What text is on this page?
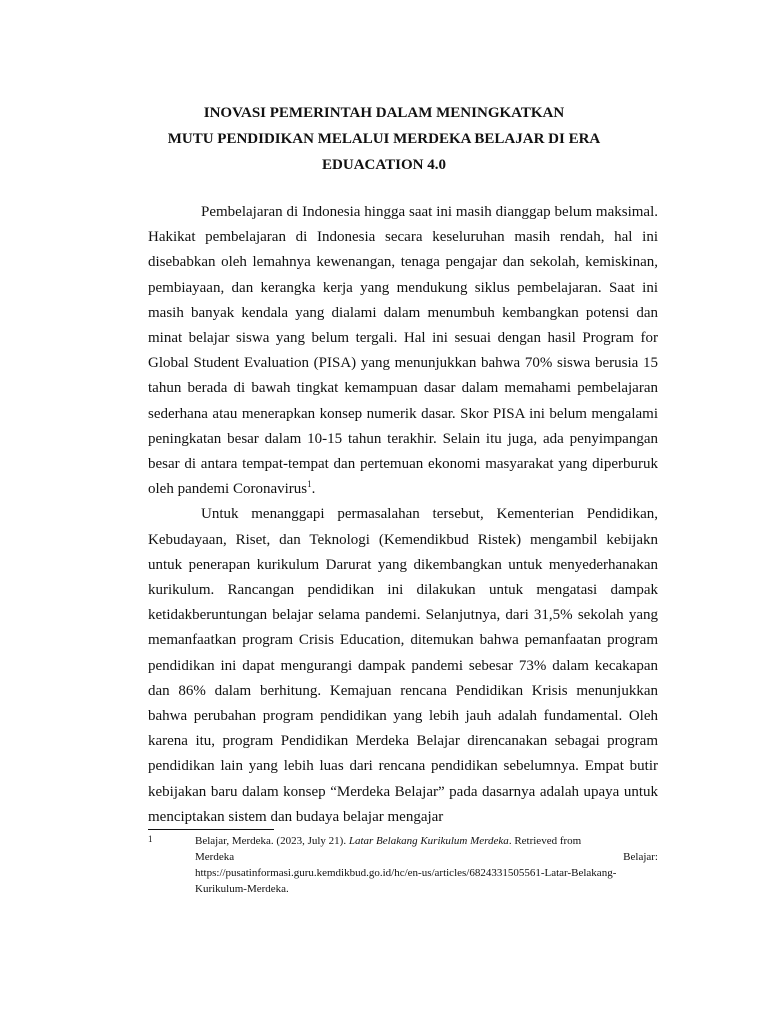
INOVASI PEMERINTAH DALAM MENINGKATKAN
MUTU PENDIDIKAN MELALUI MERDEKA BELAJAR DI ERA
EDUACATION 4.0

Pembelajaran di Indonesia hingga saat ini masih dianggap belum maksimal. Hakikat pembelajaran di Indonesia secara keseluruhan masih rendah, hal ini disebabkan oleh lemahnya kewenangan, tenaga pengajar dan sekolah, kemiskinan, pembiayaan, dan kerangka kerja yang mendukung siklus pembelajaran. Saat ini masih banyak kendala yang dialami dalam menumbuh kembangkan potensi dan minat belajar siswa yang belum tergali. Hal ini sesuai dengan hasil Program for Global Student Evaluation (PISA) yang menunjukkan bahwa 70% siswa berusia 15 tahun berada di bawah tingkat kemampuan dasar dalam memahami pembelajaran sederhana atau menerapkan konsep numerik dasar. Skor PISA ini belum mengalami peningkatan besar dalam 10-15 tahun terakhir. Selain itu juga, ada penyimpangan besar di antara tempat-tempat dan pertemuan ekonomi masyarakat yang diperburuk oleh pandemi Coronavirus$^1$.

Untuk menanggapi permasalahan tersebut, Kementerian Pendidikan, Kebudayaan, Riset, dan Teknologi (Kemendikbud Ristek) mengambil kebijakn untuk penerapan kurikulum Darurat yang dikembangkan untuk menyederhanakan kurikulum. Rancangan pendidikan ini dilakukan untuk mengatasi dampak ketidakberuntungan belajar selama pandemi. Selanjutnya, dari 31,5% sekolah yang memanfaatkan program Crisis Education, ditemukan bahwa pemanfaatan program pendidikan ini dapat mengurangi dampak pandemi sebesar 73% dalam kecakapan dan 86% dalam berhitung. Kemajuan rencana Pendidikan Krisis menunjukkan bahwa perubahan program pendidikan yang lebih jauh adalah fundamental. Oleh karena itu, program Pendidikan Merdeka Belajar direncanakan sebagai program pendidikan lain yang lebih luas dari rencana pendidikan sebelumnya. Empat butir kebijakan baru dalam konsep “Merdeka Belajar” pada dasarnya adalah upaya untuk menciptakan sistem dan budaya belajar mengajar

1	Belajar, Merdeka. (2023, July 21). Latar Belakang Kurikulum Merdeka. Retrieved from
Merdeka	Belajar:
https://pusatinformasi.guru.kemdikbud.go.id/hc/en-us/articles/6824331505561-Latar-Belakang-Kurikulum-Merdeka.
